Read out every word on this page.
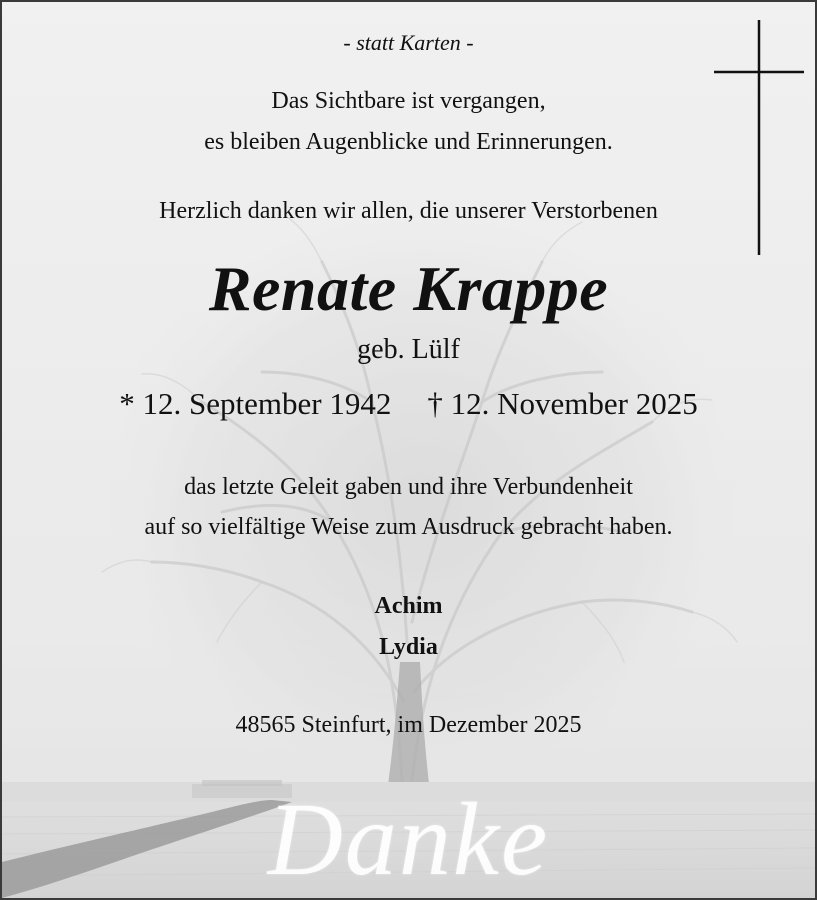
- statt Karten -
Das Sichtbare ist vergangen,
es bleiben Augenblicke und Erinnerungen.
Herzlich danken wir allen, die unserer Verstorbenen
Renate Krappe
geb. Lülf
* 12. September 1942 † 12. November 2025
das letzte Geleit gaben und ihre Verbundenheit
auf so vielfältige Weise zum Ausdruck gebracht haben.
Achim
Lydia
48565 Steinfurt, im Dezember 2025
Danke
